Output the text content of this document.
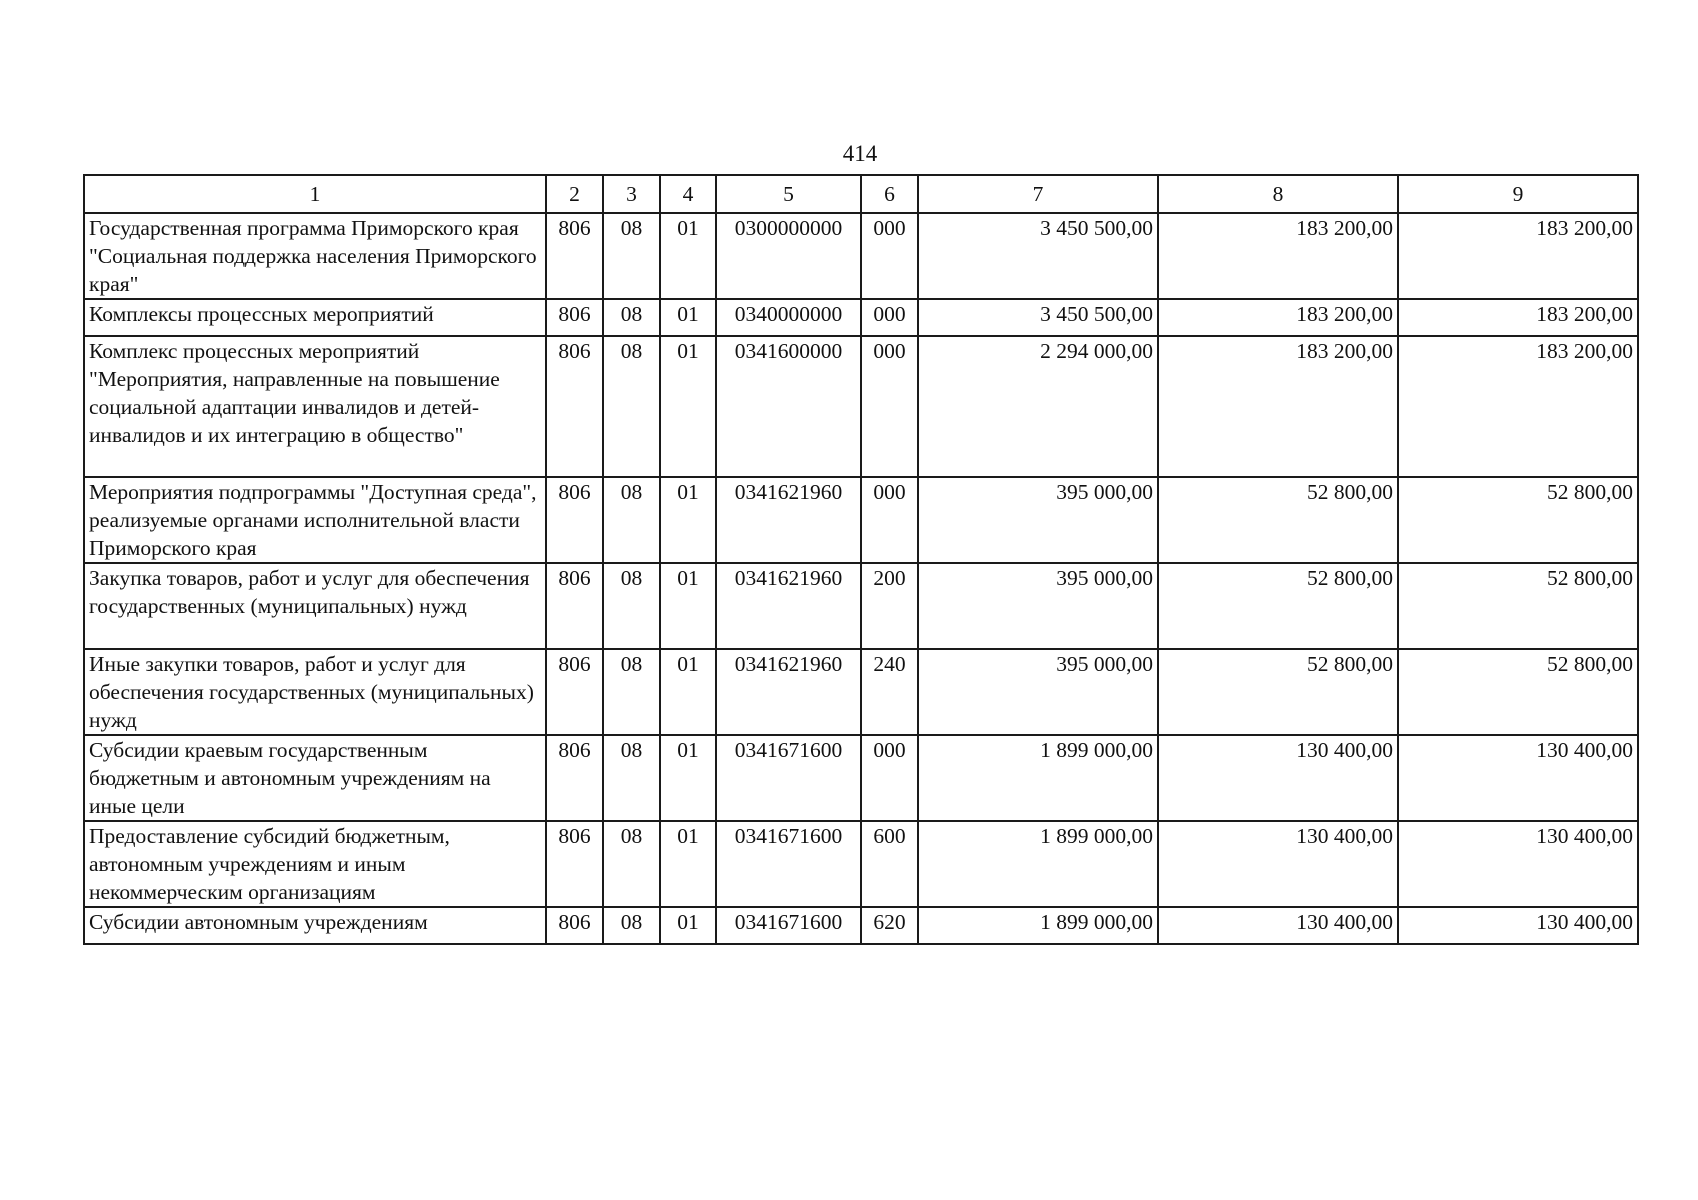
414
1	2	3	4	5	6	7	8	9
Государственная программа Приморского края "Социальная поддержка населения Приморского края"	806	08	01	0300000000	000	3 450 500,00	183 200,00	183 200,00
Комплексы процессных мероприятий	806	08	01	0340000000	000	3 450 500,00	183 200,00	183 200,00
Комплекс процессных мероприятий "Мероприятия, направленные на повышение социальной адаптации инвалидов и детей-инвалидов и их интеграцию в общество"	806	08	01	0341600000	000	2 294 000,00	183 200,00	183 200,00
Мероприятия подпрограммы "Доступная среда", реализуемые органами исполнительной власти Приморского края	806	08	01	0341621960	000	395 000,00	52 800,00	52 800,00
Закупка товаров, работ и услуг для обеспечения государственных (муниципальных) нужд	806	08	01	0341621960	200	395 000,00	52 800,00	52 800,00
Иные закупки товаров, работ и услуг для обеспечения государственных (муниципальных) нужд	806	08	01	0341621960	240	395 000,00	52 800,00	52 800,00
Субсидии краевым государственным бюджетным и автономным учреждениям на иные цели	806	08	01	0341671600	000	1 899 000,00	130 400,00	130 400,00
Предоставление субсидий бюджетным, автономным учреждениям и иным некоммерческим организациям	806	08	01	0341671600	600	1 899 000,00	130 400,00	130 400,00
Субсидии автономным учреждениям	806	08	01	0341671600	620	1 899 000,00	130 400,00	130 400,00
